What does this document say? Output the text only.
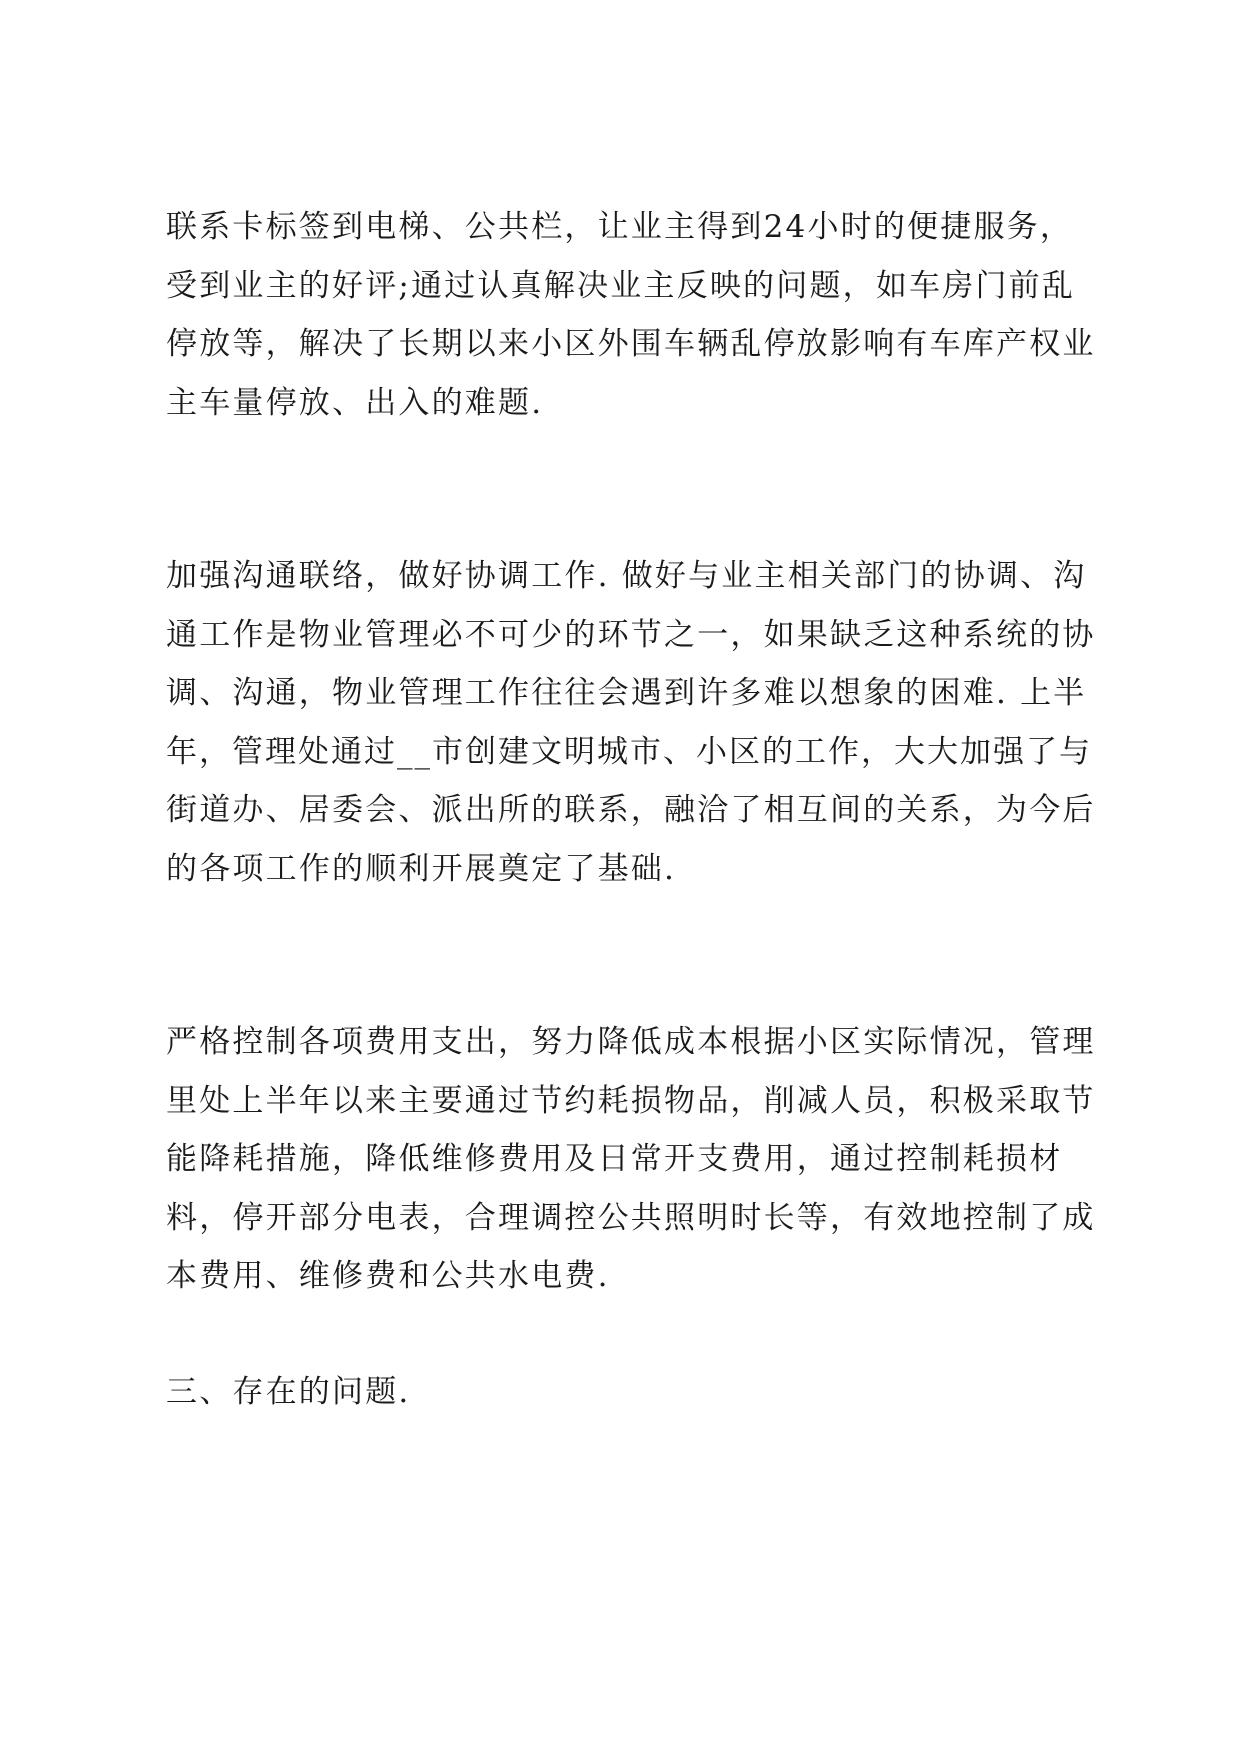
联系卡标签到电梯、公共栏，让业主得到24小时的便捷服务，
受到业主的好评;通过认真解决业主反映的问题，如车房门前乱
停放等，解决了长期以来小区外围车辆乱停放影响有车库产权业
主车量停放、出入的难题.
加强沟通联络，做好协调工作. 做好与业主相关部门的协调、沟
通工作是物业管理必不可少的环节之一，如果缺乏这种系统的协
调、沟通，物业管理工作往往会遇到许多难以想象的困难. 上半
年，管理处通过__市创建文明城市、小区的工作，大大加强了与
街道办、居委会、派出所的联系，融洽了相互间的关系，为今后
的各项工作的顺利开展奠定了基础.
严格控制各项费用支出，努力降低成本根据小区实际情况，管理
里处上半年以来主要通过节约耗损物品，削减人员，积极采取节
能降耗措施，降低维修费用及日常开支费用，通过控制耗损材
料，停开部分电表，合理调控公共照明时长等，有效地控制了成
本费用、维修费和公共水电费.
三、存在的问题.
